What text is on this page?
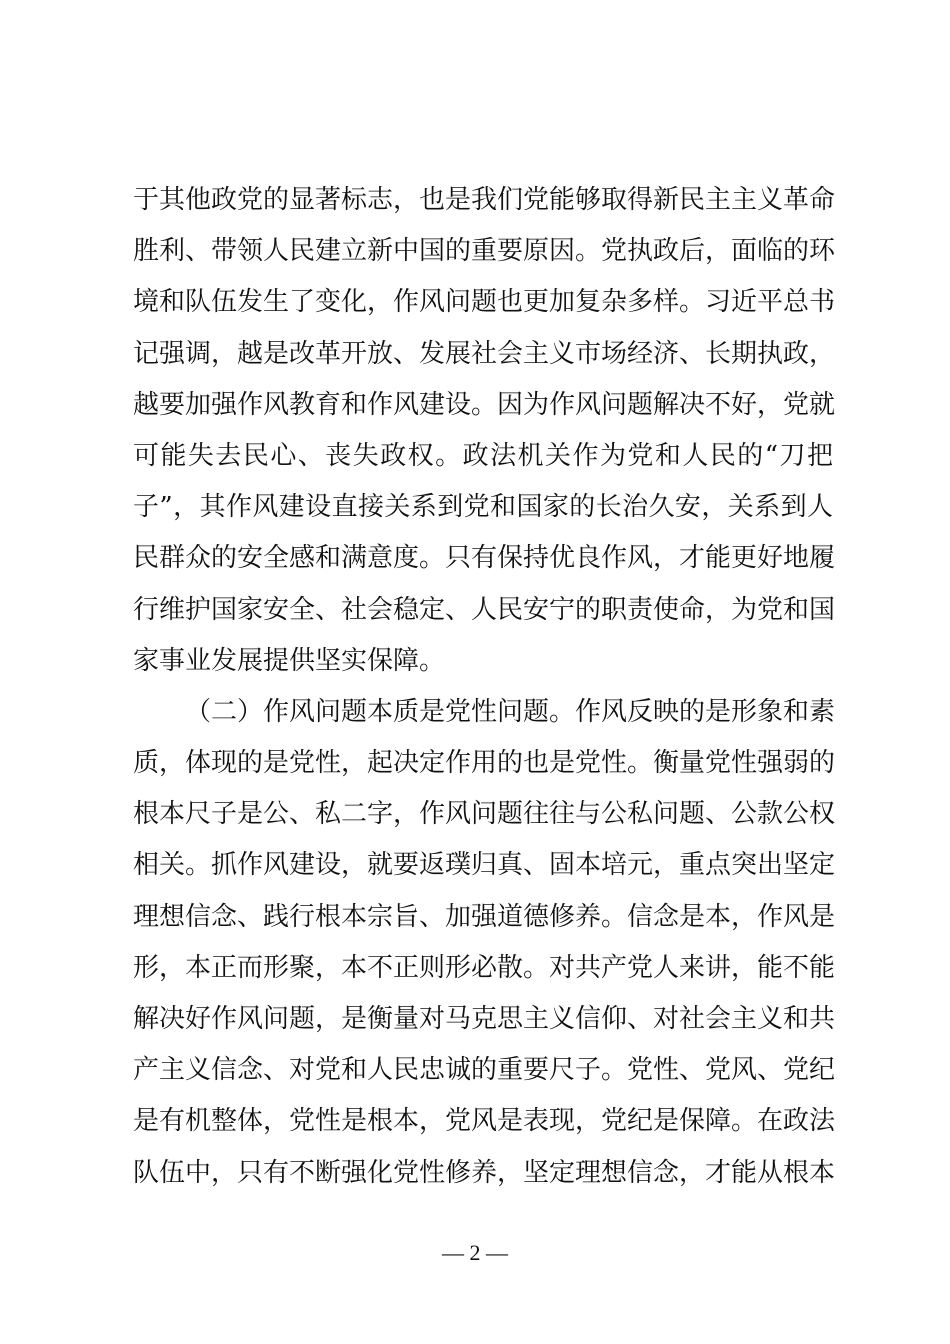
于其他政党的显著标志，也是我们党能够取得新民主主义革命
胜利、带领人民建立新中国的重要原因。党执政后，面临的环
境和队伍发生了变化，作风问题也更加复杂多样。习近平总书
记强调，越是改革开放、发展社会主义市场经济、长期执政，
越要加强作风教育和作风建设。因为作风问题解决不好，党就
可能失去民心、丧失政权。政法机关作为党和人民的“刀把
子”，其作风建设直接关系到党和国家的长治久安，关系到人
民群众的安全感和满意度。只有保持优良作风，才能更好地履
行维护国家安全、社会稳定、人民安宁的职责使命，为党和国
家事业发展提供坚实保障。
（二）作风问题本质是党性问题。作风反映的是形象和素
质，体现的是党性，起决定作用的也是党性。衡量党性强弱的
根本尺子是公、私二字，作风问题往往与公私问题、公款公权
相关。抓作风建设，就要返璞归真、固本培元，重点突出坚定
理想信念、践行根本宗旨、加强道德修养。信念是本，作风是
形，本正而形聚，本不正则形必散。对共产党人来讲，能不能
解决好作风问题，是衡量对马克思主义信仰、对社会主义和共
产主义信念、对党和人民忠诚的重要尺子。党性、党风、党纪
是有机整体，党性是根本，党风是表现，党纪是保障。在政法
队伍中，只有不断强化党性修养，坚定理想信念，才能从根本
— 2 —
